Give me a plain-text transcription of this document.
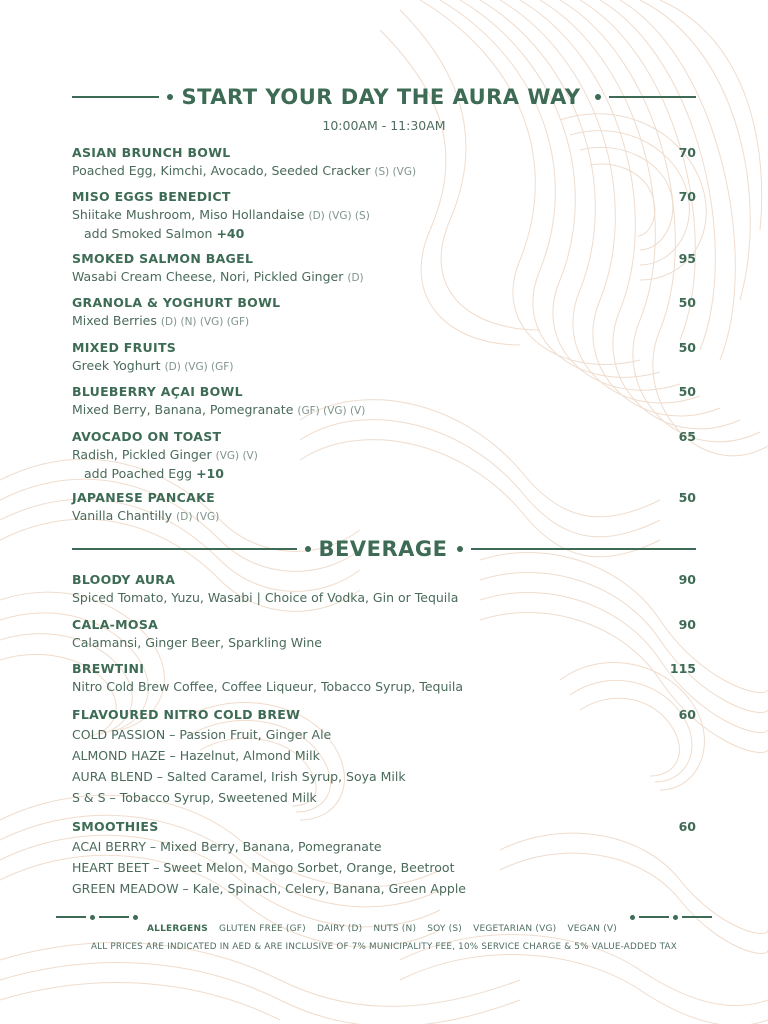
START YOUR DAY THE AURA WAY
10:00AM - 11:30AM
ASIAN BRUNCH BOWL	70
Poached Egg, Kimchi, Avocado, Seeded Cracker (S) (VG)
MISO EGGS BENEDICT	70
Shiitake Mushroom, Miso Hollandaise (D) (VG) (S)
add Smoked Salmon +40
SMOKED SALMON BAGEL	95
Wasabi Cream Cheese, Nori, Pickled Ginger (D)
GRANOLA & YOGHURT BOWL	50
Mixed Berries (D) (N) (VG) (GF)
MIXED FRUITS	50
Greek Yoghurt (D) (VG) (GF)
BLUEBERRY AÇAI BOWL	50
Mixed Berry, Banana, Pomegranate (GF) (VG) (V)
AVOCADO ON TOAST	65
Radish, Pickled Ginger (VG) (V)
add Poached Egg +10
JAPANESE PANCAKE	50
Vanilla Chantilly (D) (VG)
BEVERAGE
BLOODY AURA	90
Spiced Tomato, Yuzu, Wasabi | Choice of Vodka, Gin or Tequila
CALA-MOSA	90
Calamansi, Ginger Beer, Sparkling Wine
BREWTINI	115
Nitro Cold Brew Coffee, Coffee Liqueur, Tobacco Syrup, Tequila
FLAVOURED NITRO COLD BREW	60
COLD PASSION – Passion Fruit, Ginger Ale
ALMOND HAZE – Hazelnut, Almond Milk
AURA BLEND – Salted Caramel, Irish Syrup, Soya Milk
S & S – Tobacco Syrup, Sweetened Milk
SMOOTHIES	60
ACAI BERRY – Mixed Berry, Banana, Pomegranate
HEART BEET – Sweet Melon, Mango Sorbet, Orange, Beetroot
GREEN MEADOW – Kale, Spinach, Celery, Banana, Green Apple
ALLERGENS GLUTEN FREE (GF) DAIRY (D) NUTS (N) SOY (S) VEGETARIAN (VG) VEGAN (V)
ALL PRICES ARE INDICATED IN AED & ARE INCLUSIVE OF 7% MUNICIPALITY FEE, 10% SERVICE CHARGE & 5% VALUE-ADDED TAX
